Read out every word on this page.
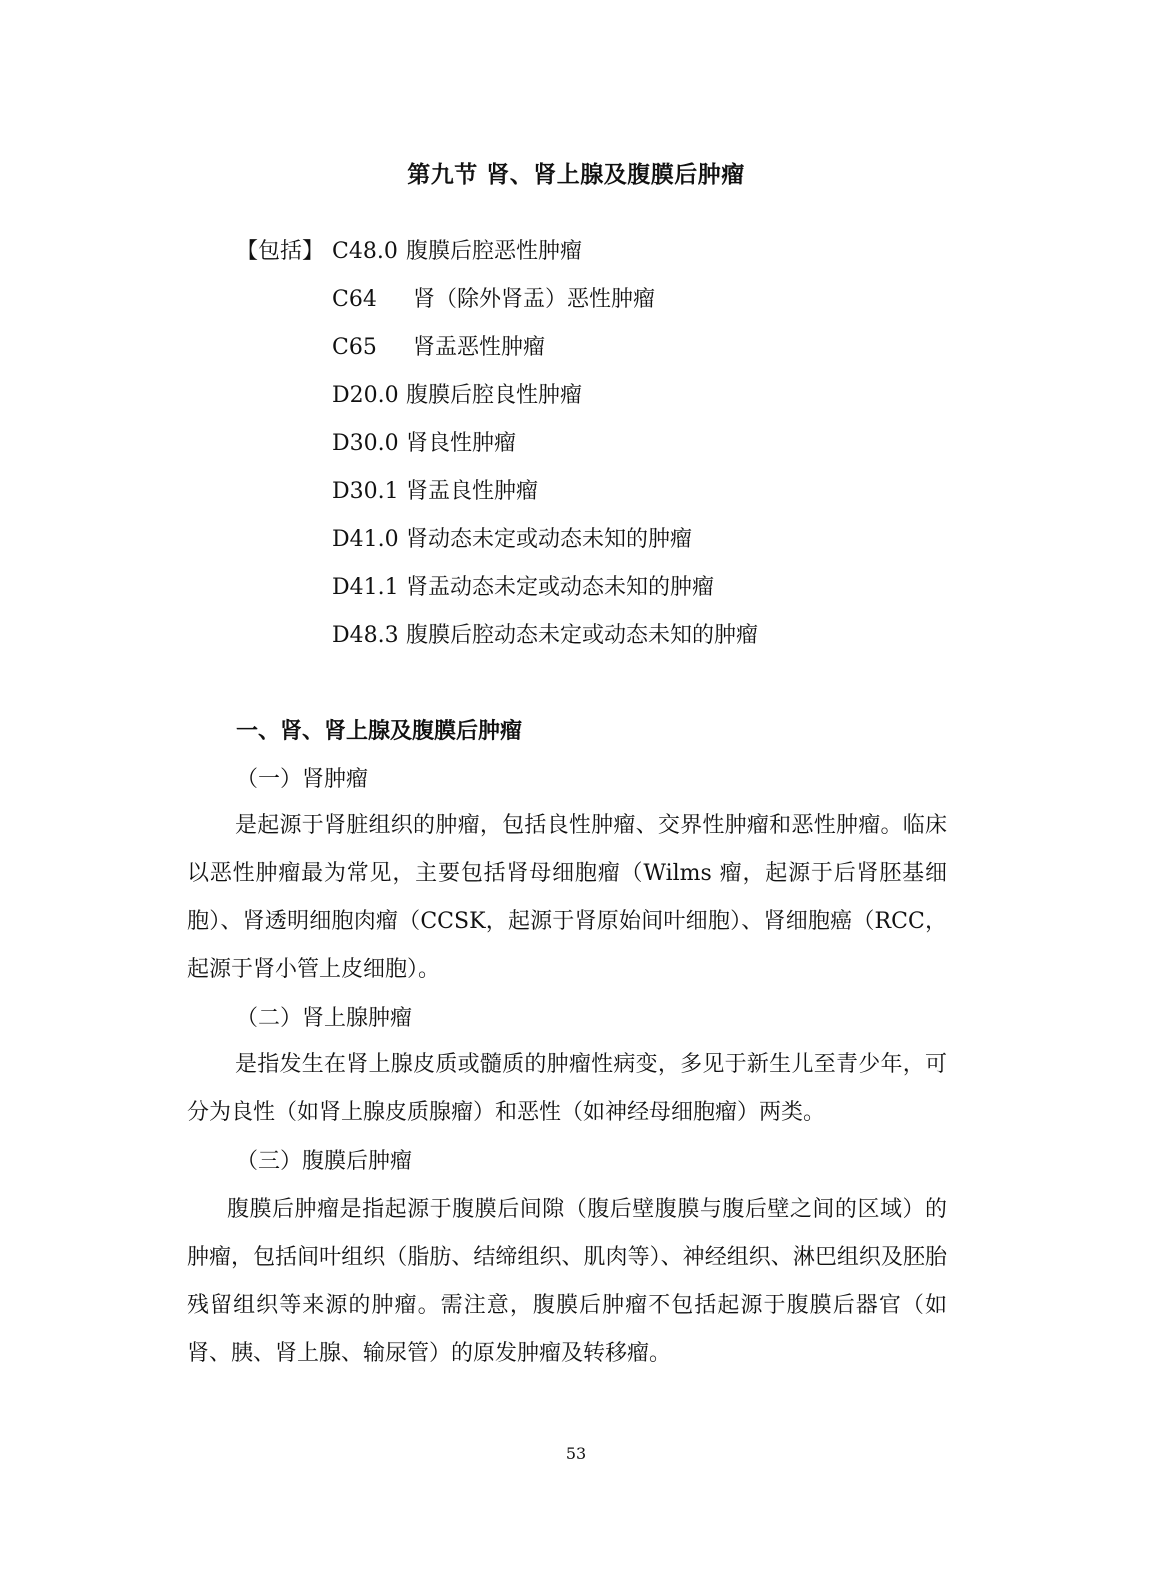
第九节 肾、肾上腺及腹膜后肿瘤
【包括】 C48.0 腹膜后腔恶性肿瘤
C64 肾（除外肾盂）恶性肿瘤
C65 肾盂恶性肿瘤
D20.0 腹膜后腔良性肿瘤
D30.0 肾良性肿瘤
D30.1 肾盂良性肿瘤
D41.0 肾动态未定或动态未知的肿瘤
D41.1 肾盂动态未定或动态未知的肿瘤
D48.3 腹膜后腔动态未定或动态未知的肿瘤
一、肾、肾上腺及腹膜后肿瘤
（一）肾肿瘤
是起源于肾脏组织的肿瘤，包括良性肿瘤、交界性肿瘤和恶性肿瘤。临床以恶性肿瘤最为常见，主要包括肾母细胞瘤（Wilms 瘤，起源于后肾胚基细胞）、肾透明细胞肉瘤（CCSK，起源于肾原始间叶细胞）、肾细胞癌（RCC，起源于肾小管上皮细胞）。
（二）肾上腺肿瘤
是指发生在肾上腺皮质或髓质的肿瘤性病变，多见于新生儿至青少年，可分为良性（如肾上腺皮质腺瘤）和恶性（如神经母细胞瘤）两类。
（三）腹膜后肿瘤
腹膜后肿瘤是指起源于腹膜后间隙（腹后壁腹膜与腹后壁之间的区域）的肿瘤，包括间叶组织（脂肪、结缔组织、肌肉等）、神经组织、淋巴组织及胚胎残留组织等来源的肿瘤。需注意，腹膜后肿瘤不包括起源于腹膜后器官（如肾、胰、肾上腺、输尿管）的原发肿瘤及转移瘤。
53
